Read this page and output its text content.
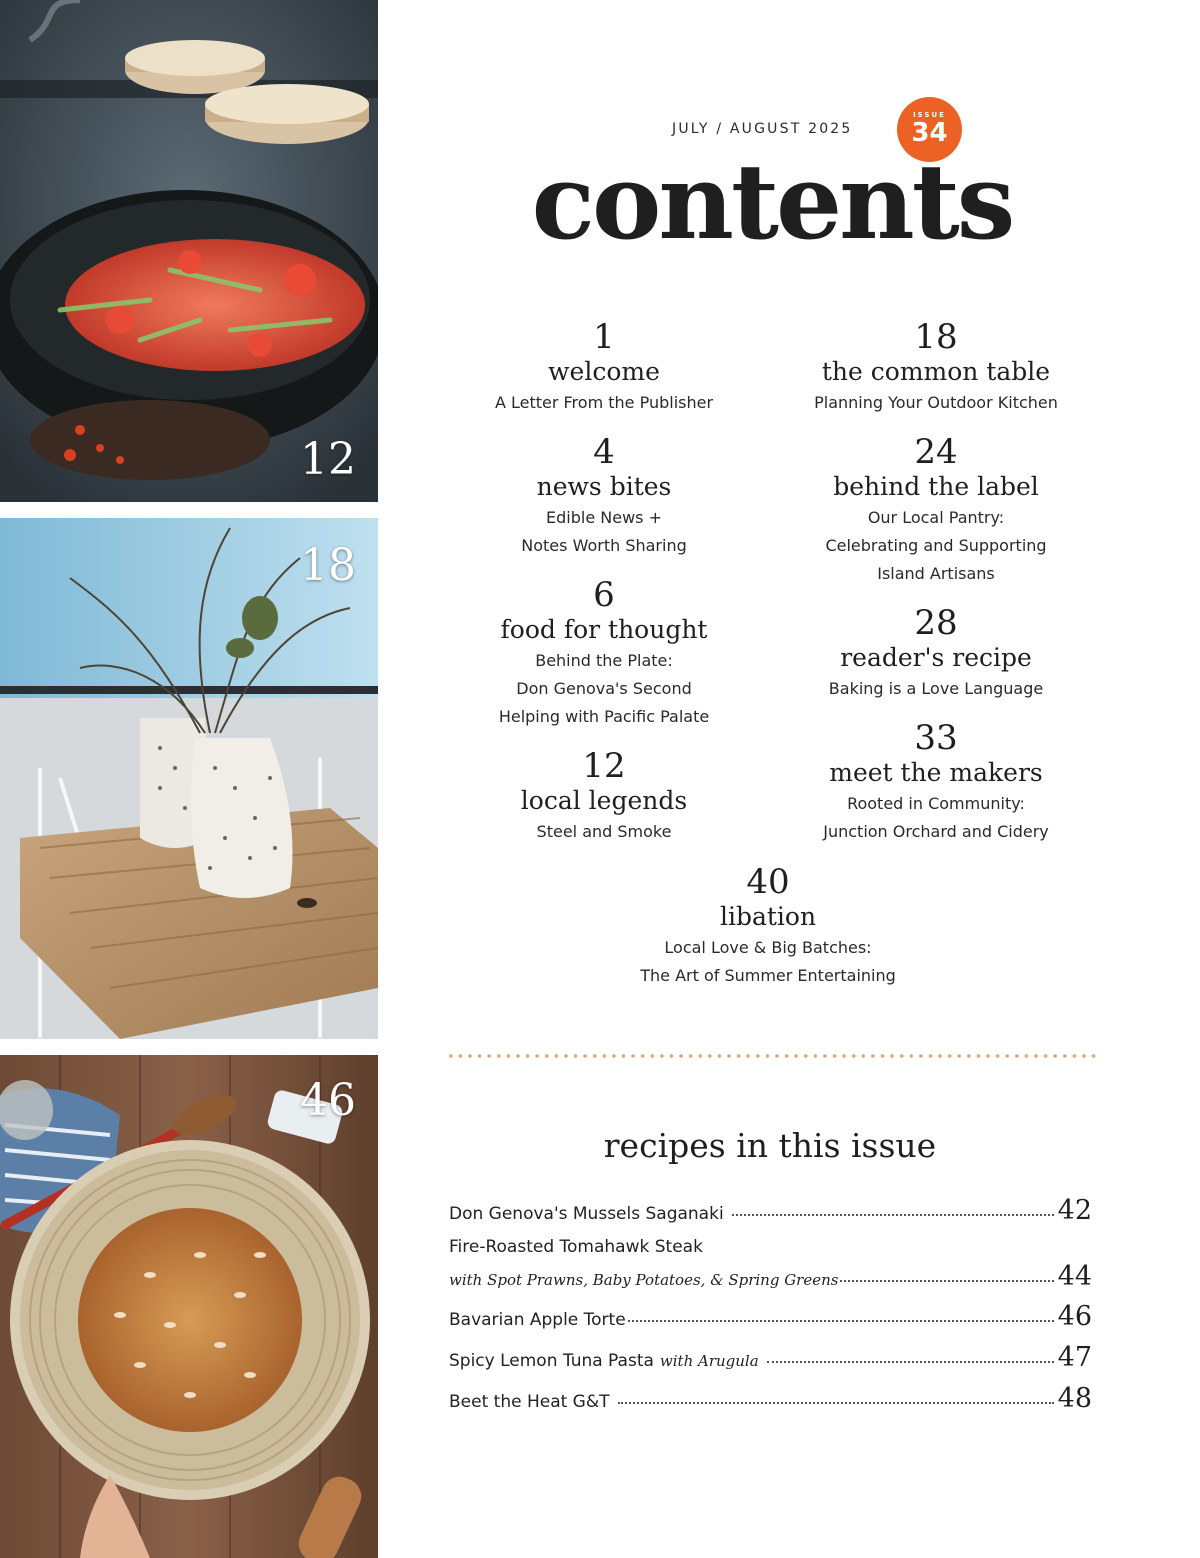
12
18
46
JULY / AUGUST 2025
ISSUE
34
contents
1
welcome
A Letter From the Publisher
4
news bites
Edible News +
Notes Worth Sharing
6
food for thought
Behind the Plate:
Don Genova's Second
Helping with Pacific Palate
12
local legends
Steel and Smoke
18
the common table
Planning Your Outdoor Kitchen
24
behind the label
Our Local Pantry:
Celebrating and Supporting
Island Artisans
28
reader's recipe
Baking is a Love Language
33
meet the makers
Rooted in Community:
Junction Orchard and Cidery
40
libation
Local Love & Big Batches:
The Art of Summer Entertaining
recipes in this issue
Don Genova's Mussels Saganaki	42
Fire-Roasted Tomahawk Steak
with Spot Prawns, Baby Potatoes, & Spring Greens	44
Bavarian Apple Torte	46
Spicy Lemon Tuna Pasta with Arugula	47
Beet the Heat G&T	48
